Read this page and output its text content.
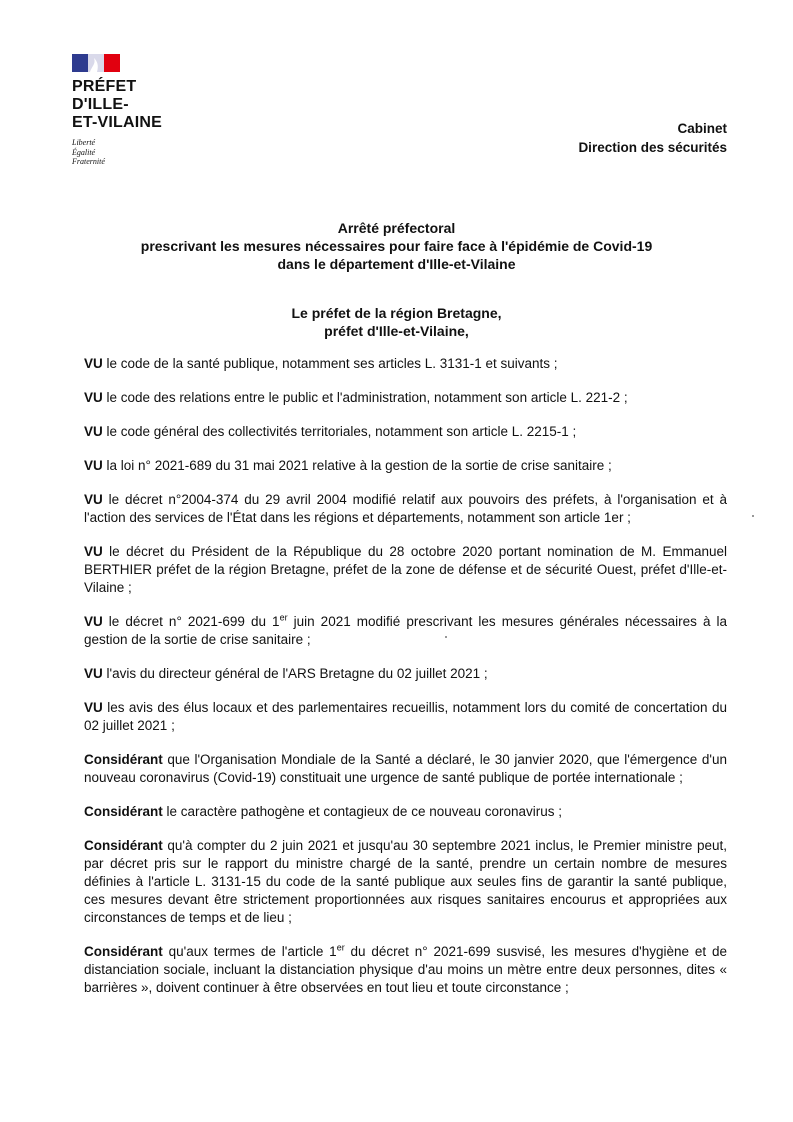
PRÉFET
D'ILLE-
ET-VILAINE
Liberté
Égalité
Fraternité
Cabinet
Direction des sécurités
Arrêté préfectoral
prescrivant les mesures nécessaires pour faire face à l'épidémie de Covid-19
dans le département d'Ille-et-Vilaine
Le préfet de la région Bretagne,
préfet d'Ille-et-Vilaine,

VU le code de la santé publique, notamment ses articles L. 3131-1 et suivants ;

VU le code des relations entre le public et l'administration, notamment son article L. 221-2 ;

VU le code général des collectivités territoriales, notamment son article L. 2215-1 ;

VU la loi n° 2021-689 du 31 mai 2021 relative à la gestion de la sortie de crise sanitaire ;

VU le décret n°2004-374 du 29 avril 2004 modifié relatif aux pouvoirs des préfets, à l'organisation et à l'action des services de l'État dans les régions et départements, notamment son article 1er ;

VU le décret du Président de la République du 28 octobre 2020 portant nomination de M. Emmanuel BERTHIER préfet de la région Bretagne, préfet de la zone de défense et de sécurité Ouest, préfet d'Ille-et-Vilaine ;

VU le décret n° 2021-699 du 1er juin 2021 modifié prescrivant les mesures générales nécessaires à la gestion de la sortie de crise sanitaire ;

VU l'avis du directeur général de l'ARS Bretagne du 02 juillet 2021 ;

VU les avis des élus locaux et des parlementaires recueillis, notamment lors du comité de concertation du 02 juillet 2021 ;

Considérant que l'Organisation Mondiale de la Santé a déclaré, le 30 janvier 2020, que l'émergence d'un nouveau coronavirus (Covid-19) constituait une urgence de santé publique de portée internationale ;

Considérant le caractère pathogène et contagieux de ce nouveau coronavirus ;

Considérant qu'à compter du 2 juin 2021 et jusqu'au 30 septembre 2021 inclus, le Premier ministre peut, par décret pris sur le rapport du ministre chargé de la santé, prendre un certain nombre de mesures définies à l'article L. 3131-15 du code de la santé publique aux seules fins de garantir la santé publique, ces mesures devant être strictement proportionnées aux risques sanitaires encourus et appropriées aux circonstances de temps et de lieu ;

Considérant qu'aux termes de l'article 1er du décret n° 2021-699 susvisé, les mesures d'hygiène et de distanciation sociale, incluant la distanciation physique d'au moins un mètre entre deux personnes, dites « barrières », doivent continuer à être observées en tout lieu et toute circonstance ;
